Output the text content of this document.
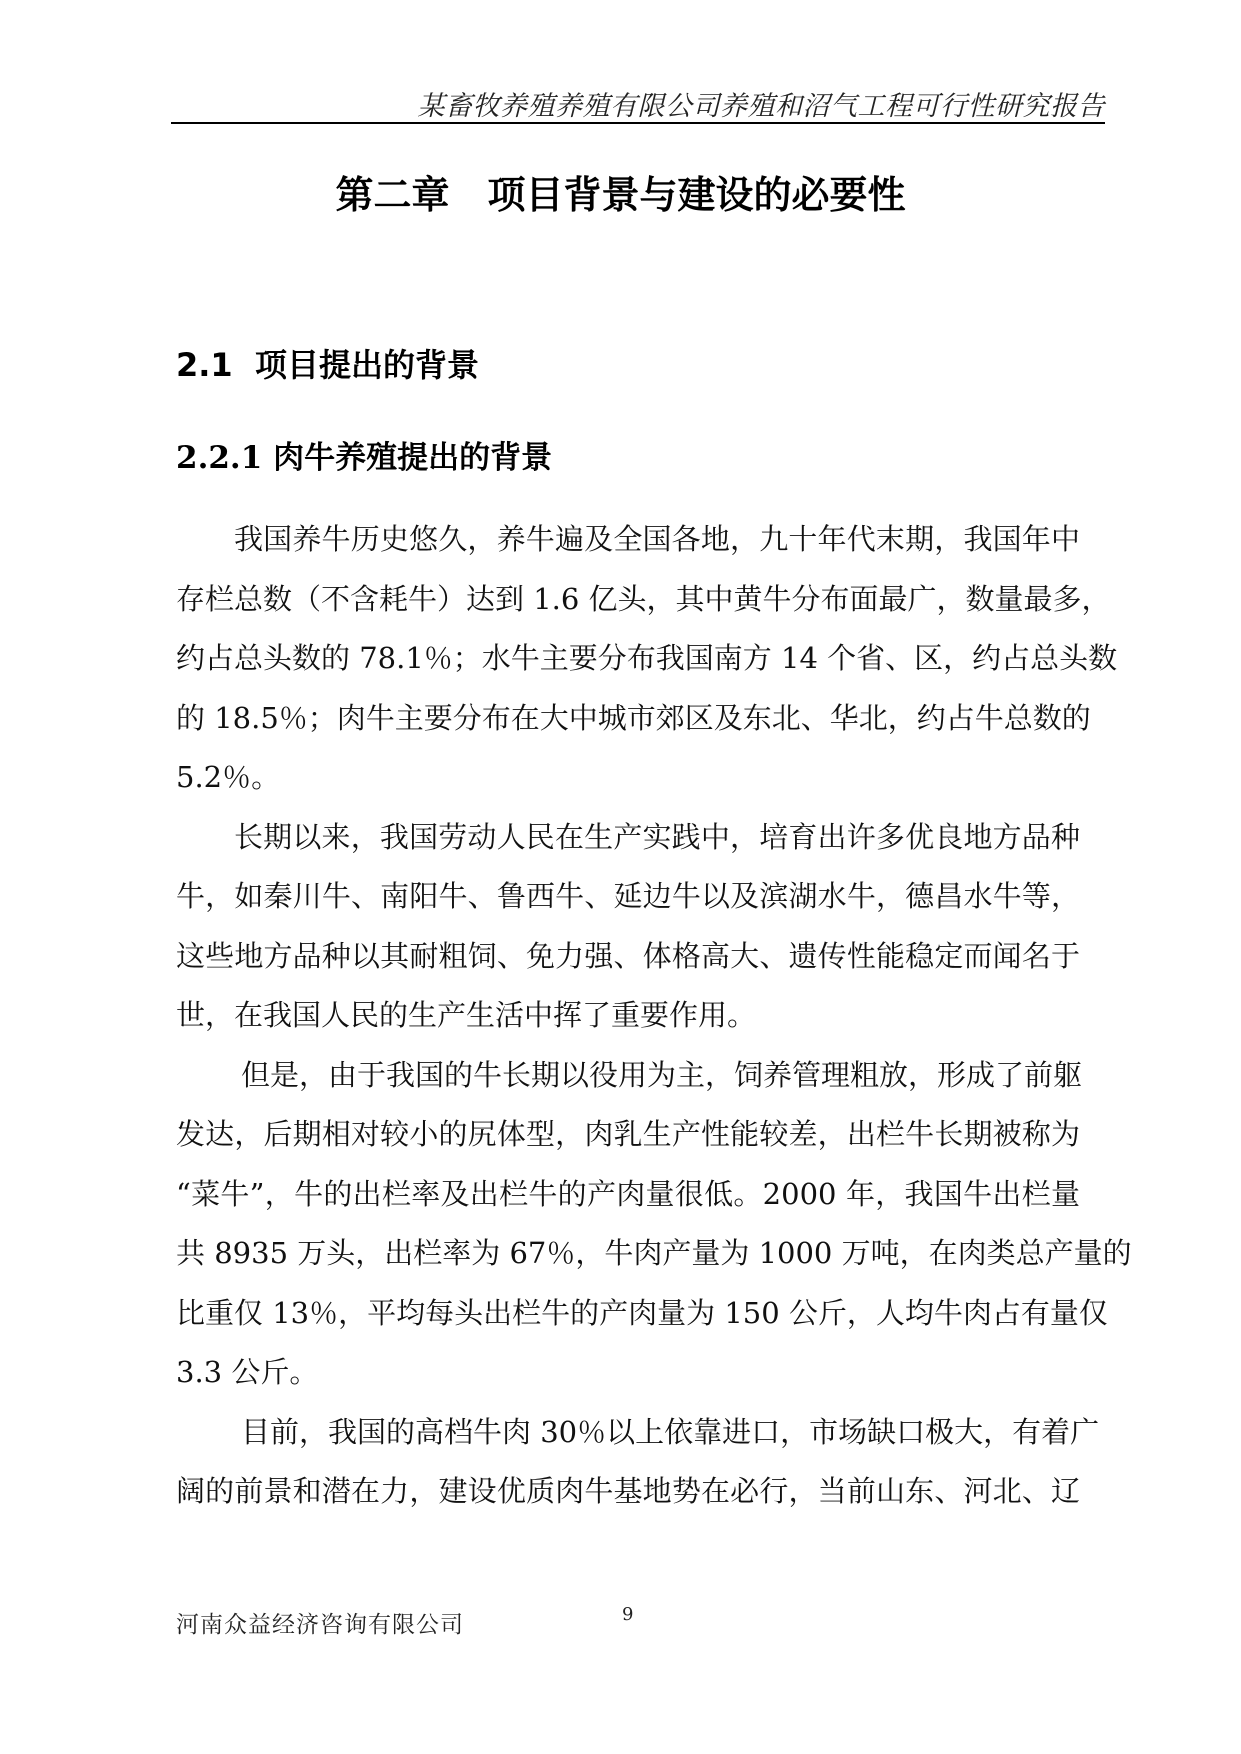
某畜牧养殖养殖有限公司养殖和沼气工程可行性研究报告
第二章　项目背景与建设的必要性
2.1  项目提出的背景
2.2.1 肉牛养殖提出的背景
我国养牛历史悠久，养牛遍及全国各地，九十年代末期，我国年中
存栏总数（不含耗牛）达到 1.6 亿头，其中黄牛分布面最广，数量最多，
约占总头数的 78.1％；水牛主要分布我国南方 14 个省、区，约占总头数
的 18.5％；肉牛主要分布在大中城市郊区及东北、华北，约占牛总数的
5.2％。
长期以来，我国劳动人民在生产实践中，培育出许多优良地方品种
牛，如秦川牛、南阳牛、鲁西牛、延边牛以及滨湖水牛，德昌水牛等，
这些地方品种以其耐粗饲、免力强、体格高大、遗传性能稳定而闻名于
世，在我国人民的生产生活中挥了重要作用。
但是，由于我国的牛长期以役用为主，饲养管理粗放，形成了前躯
发达，后期相对较小的尻体型，肉乳生产性能较差，出栏牛长期被称为
“菜牛”，牛的出栏率及出栏牛的产肉量很低。2000 年，我国牛出栏量
共 8935 万头，出栏率为 67％，牛肉产量为 1000 万吨，在肉类总产量的
比重仅 13％，平均每头出栏牛的产肉量为 150 公斤，人均牛肉占有量仅
3.3 公斤。
目前，我国的高档牛肉 30％以上依靠进口，市场缺口极大，有着广
阔的前景和潜在力，建设优质肉牛基地势在必行，当前山东、河北、辽
河南众益经济咨询有限公司	9
